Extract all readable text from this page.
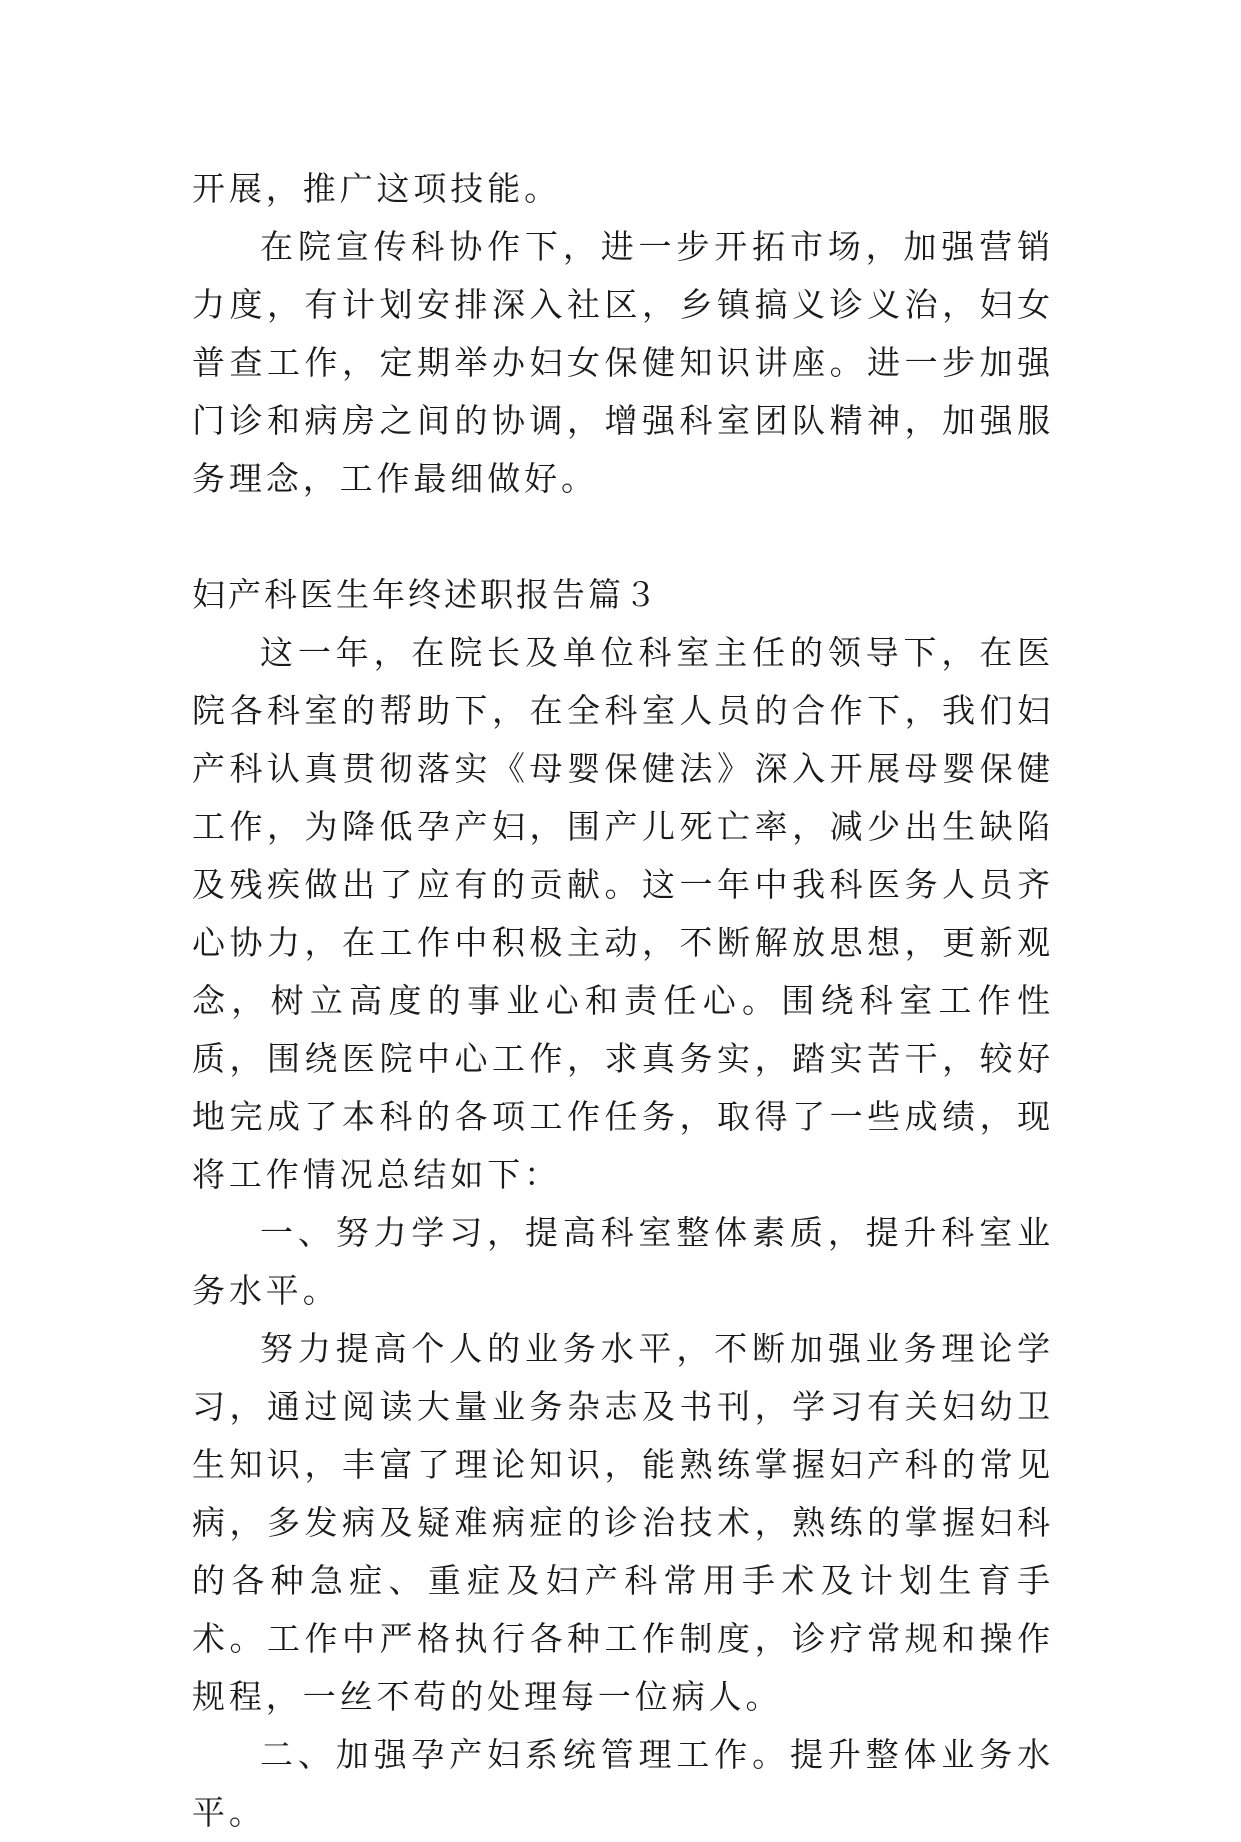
开展，推广这项技能。

在院宣传科协作下，进一步开拓市场，加强营销力度，有计划安排深入社区，乡镇搞义诊义治，妇女普查工作，定期举办妇女保健知识讲座。进一步加强门诊和病房之间的协调，增强科室团队精神，加强服务理念，工作最细做好。

妇产科医生年终述职报告篇３

这一年，在院长及单位科室主任的领导下，在医院各科室的帮助下，在全科室人员的合作下，我们妇产科认真贯彻落实《母婴保健法》深入开展母婴保健工作，为降低孕产妇，围产儿死亡率，减少出生缺陷及残疾做出了应有的贡献。这一年中我科医务人员齐心协力，在工作中积极主动，不断解放思想，更新观念，树立高度的事业心和责任心。围绕科室工作性质，围绕医院中心工作，求真务实，踏实苦干，较好地完成了本科的各项工作任务，取得了一些成绩，现将工作情况总结如下：

一、努力学习，提高科室整体素质，提升科室业务水平。

努力提高个人的业务水平，不断加强业务理论学习，通过阅读大量业务杂志及书刊，学习有关妇幼卫生知识，丰富了理论知识，能熟练掌握妇产科的常见病，多发病及疑难病症的诊治技术，熟练的掌握妇科的各种急症、重症及妇产科常用手术及计划生育手术。工作中严格执行各种工作制度，诊疗常规和操作规程，一丝不苟的处理每一位病人。

二、加强孕产妇系统管理工作。提升整体业务水平。
